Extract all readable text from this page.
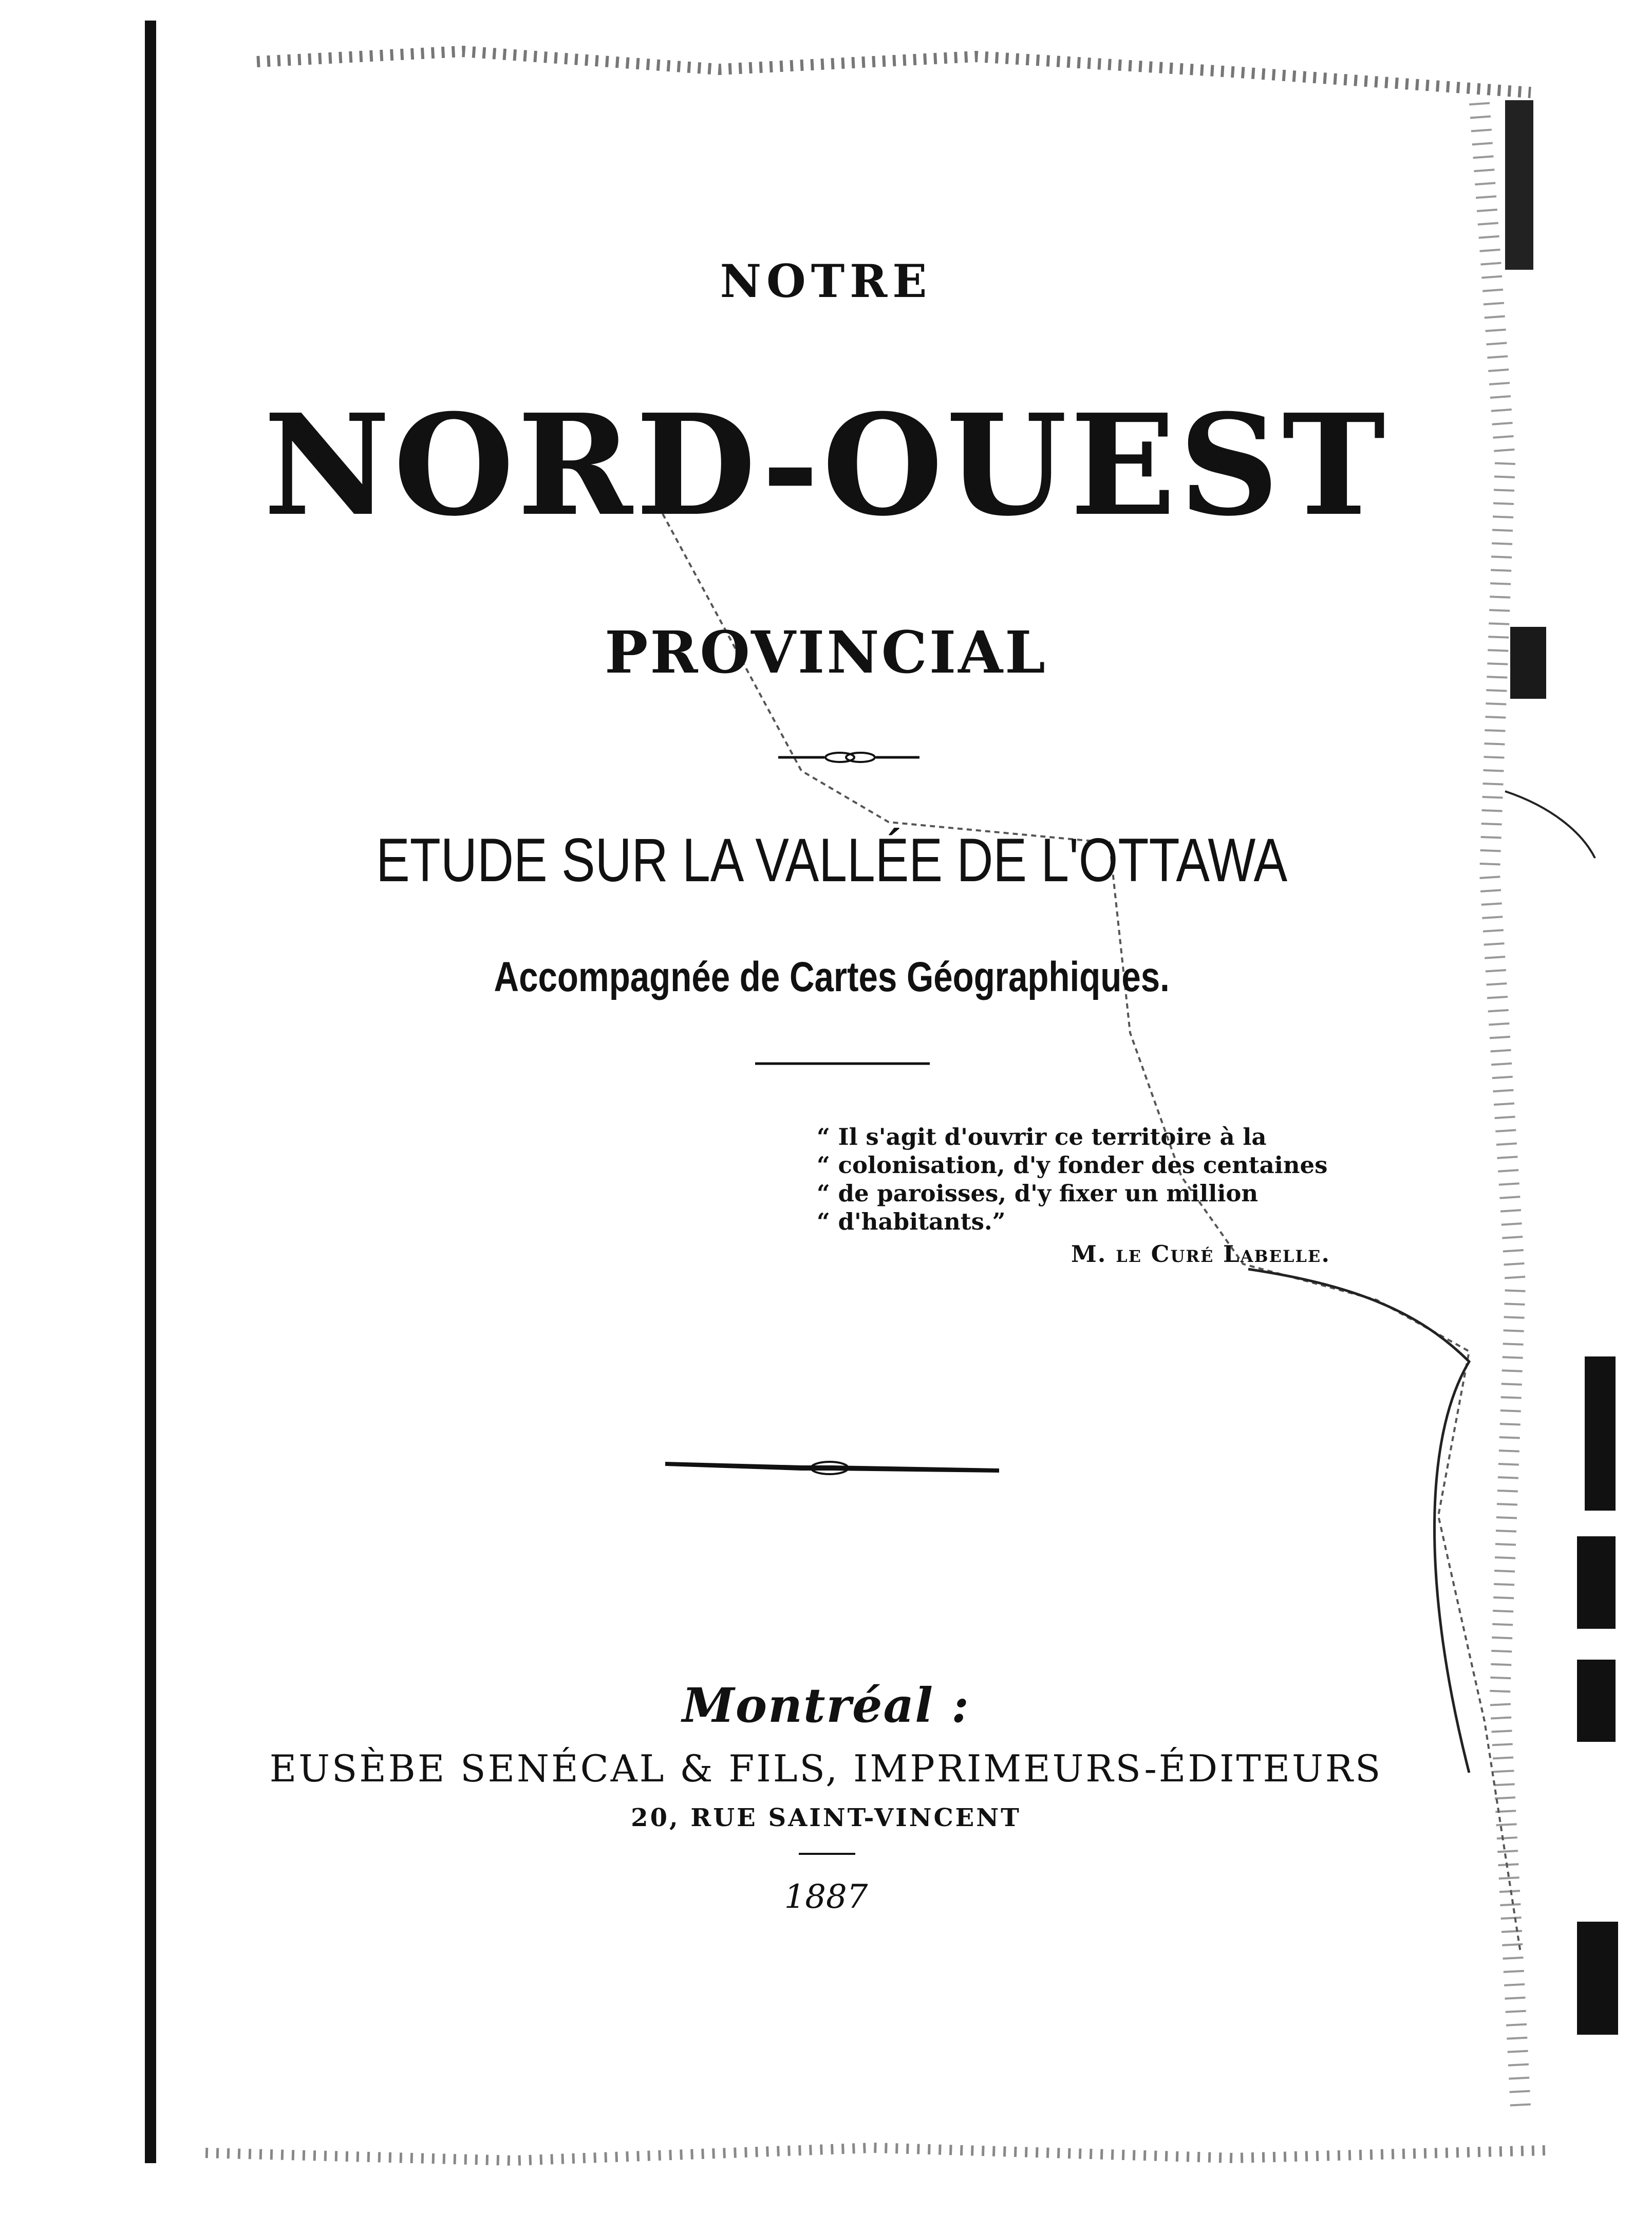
NOTRE
NORD-OUEST
PROVINCIAL
ETUDE SUR LA VALLÉE DE L'OTTAWA
Accompagnée de Cartes Géographiques.
“ Il s'agit d'ouvrir ce territoire à la
“ colonisation, d'y fonder des centaines
“ de paroisses, d'y fixer un million
“ d'habitants.”
M. le Curé Labelle.
Montréal :
EUSÈBE SENÉCAL & FILS, IMPRIMEURS-ÉDITEURS
20, RUE SAINT-VINCENT
1887
